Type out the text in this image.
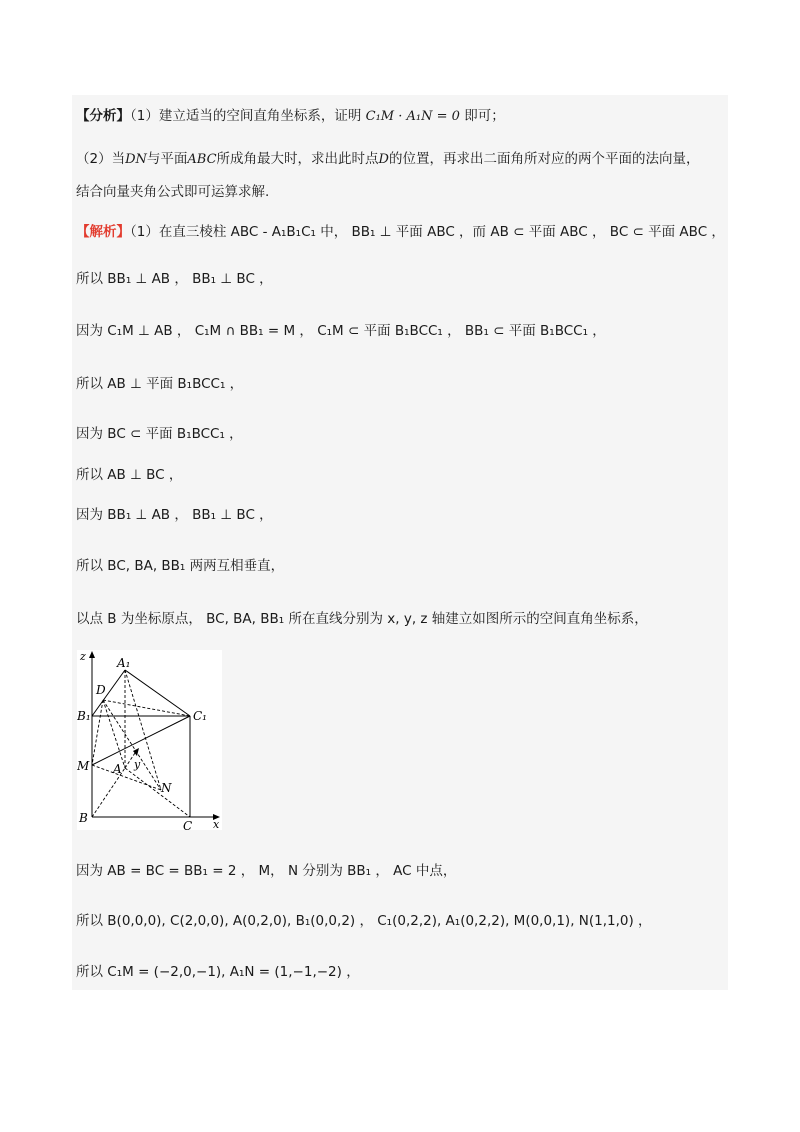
【分析】（1）建立适当的空间直角坐标系，证明 C₁M · A₁N = 0 即可；
（2）当DN与平面ABC所成角最大时，求出此时点D的位置，再求出二面角所对应的两个平面的法向量，
结合向量夹角公式即可运算求解.
【解析】（1）在直三棱柱 ABC - A₁B₁C₁ 中， BB₁ ⊥ 平面 ABC ，而 AB ⊂ 平面 ABC ， BC ⊂ 平面 ABC ，
所以 BB₁ ⊥ AB ， BB₁ ⊥ BC ，
因为 C₁M ⊥ AB ， C₁M ∩ BB₁ = M ， C₁M ⊂ 平面 B₁BCC₁ ， BB₁ ⊂ 平面 B₁BCC₁ ，
所以 AB ⊥ 平面 B₁BCC₁ ，
因为 BC ⊂ 平面 B₁BCC₁ ，
所以 AB ⊥ BC ，
因为 BB₁ ⊥ AB ， BB₁ ⊥ BC ，
所以 BC, BA, BB₁ 两两互相垂直，
以点 B 为坐标原点， BC, BA, BB₁ 所在直线分别为 x, y, z 轴建立如图所示的空间直角坐标系，
z	A₁
D
B₁	C₁
M A y
N
B
C x
因为 AB = BC = BB₁ = 2 ， M， N 分别为 BB₁ ， AC 中点，
所以 B(0,0,0), C(2,0,0), A(0,2,0), B₁(0,0,2) ， C₁(0,2,2), A₁(0,2,2), M(0,0,1), N(1,1,0) ，
所以 C₁M = (−2,0,−1), A₁N = (1,−1,−2) ，
